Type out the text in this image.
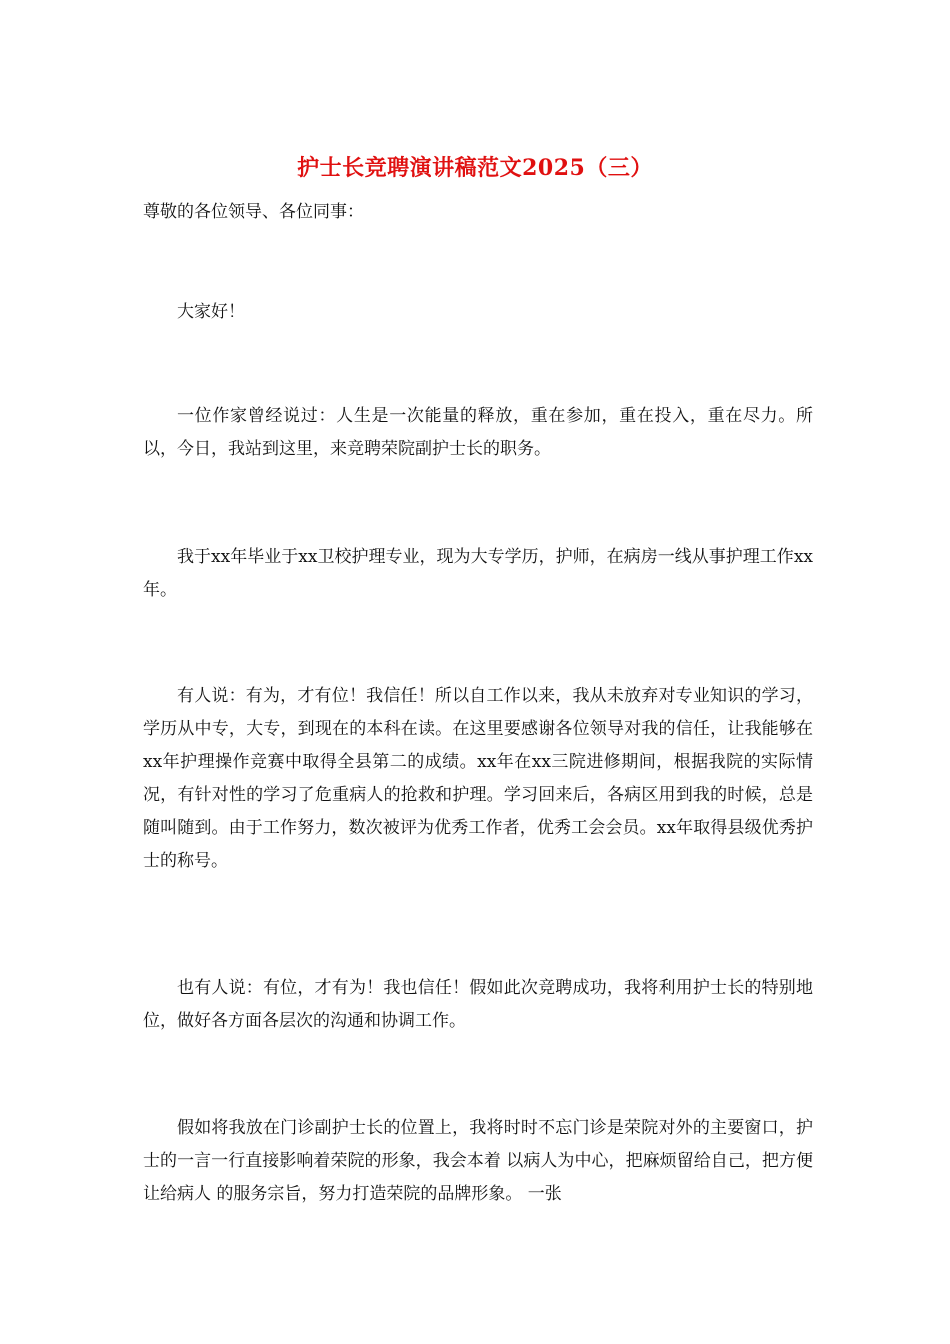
护士长竞聘演讲稿范文2025（三）
尊敬的各位领导、各位同事：

大家好！

一位作家曾经说过：人生是一次能量的释放，重在参加，重在投入，重在尽力。所以，今日，我站到这里，来竞聘荣院副护士长的职务。

我于xx年毕业于xx卫校护理专业，现为大专学历，护师，在病房一线从事护理工作xx年。

有人说：有为，才有位！我信任！所以自工作以来，我从未放弃对专业知识的学习，学历从中专，大专，到现在的本科在读。在这里要感谢各位领导对我的信任，让我能够在xx年护理操作竞赛中取得全县第二的成绩。xx年在xx三院进修期间，根据我院的实际情况，有针对性的学习了危重病人的抢救和护理。学习回来后，各病区用到我的时候，总是随叫随到。由于工作努力，数次被评为优秀工作者，优秀工会会员。xx年取得县级优秀护士的称号。

也有人说：有位，才有为！我也信任！假如此次竞聘成功，我将利用护士长的特别地位，做好各方面各层次的沟通和协调工作。

假如将我放在门诊副护士长的位置上，我将时时不忘门诊是荣院对外的主要窗口，护士的一言一行直接影响着荣院的形象，我会本着 以病人为中心，把麻烦留给自己，把方便让给病人 的服务宗旨，努力打造荣院的品牌形象。 一张
